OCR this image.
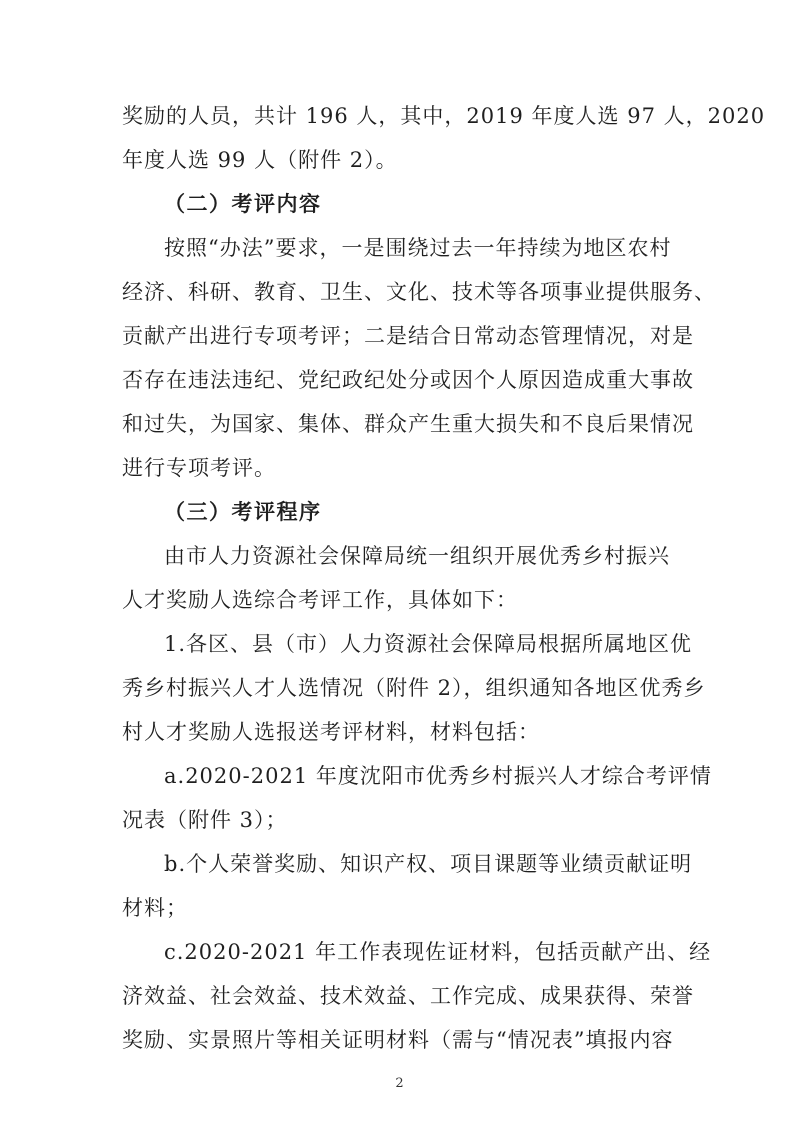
奖励的人员，共计 196 人，其中，2019 年度人选 97 人，2020
年度人选 99 人（附件 2）。
（二）考评内容
按照“办法”要求，一是围绕过去一年持续为地区农村
经济、科研、教育、卫生、文化、技术等各项事业提供服务、
贡献产出进行专项考评；二是结合日常动态管理情况，对是
否存在违法违纪、党纪政纪处分或因个人原因造成重大事故
和过失，为国家、集体、群众产生重大损失和不良后果情况
进行专项考评。
（三）考评程序
由市人力资源社会保障局统一组织开展优秀乡村振兴
人才奖励人选综合考评工作，具体如下：
1.各区、县（市）人力资源社会保障局根据所属地区优
秀乡村振兴人才人选情况（附件 2），组织通知各地区优秀乡
村人才奖励人选报送考评材料，材料包括：
a.2020-2021 年度沈阳市优秀乡村振兴人才综合考评情
况表（附件 3）；
b.个人荣誉奖励、知识产权、项目课题等业绩贡献证明
材料；
c.2020-2021 年工作表现佐证材料，包括贡献产出、经
济效益、社会效益、技术效益、工作完成、成果获得、荣誉
奖励、实景照片等相关证明材料（需与“情况表”填报内容
2
